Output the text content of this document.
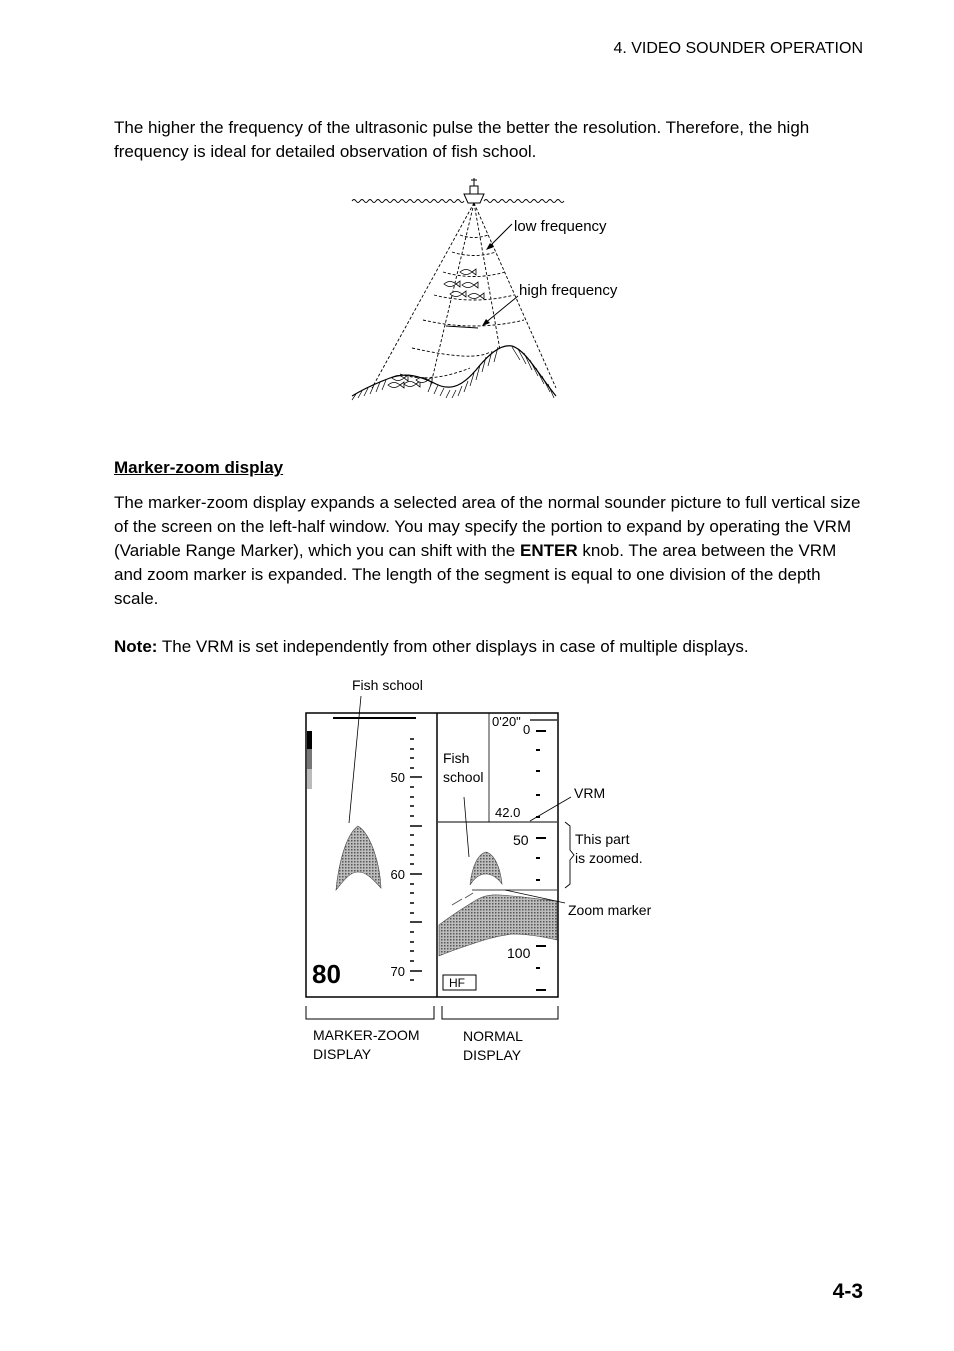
4. VIDEO SOUNDER OPERATION

The higher the frequency of the ultrasonic pulse the better the resolution. Therefore, the high frequency is ideal for detailed observation of fish school.

low frequency
high frequency
Marker-zoom display

The marker-zoom display expands a selected area of the normal sounder picture to full vertical size of the screen on the left-half window. You may specify the portion to expand by operating the VRM (Variable Range Marker), which you can shift with the ENTER knob. The area between the VRM and zoom marker is expanded. The length of the segment is equal to one division of the depth scale.

Note: The VRM is set independently from other displays in case of multiple displays.

50
60
70
80
0'20"
0
Fish
school
42.0
50
100
HF
Fish school
VRM
This part
is zoomed.
Zoom marker
MARKER-ZOOM
DISPLAY
NORMAL
DISPLAY
4-3
